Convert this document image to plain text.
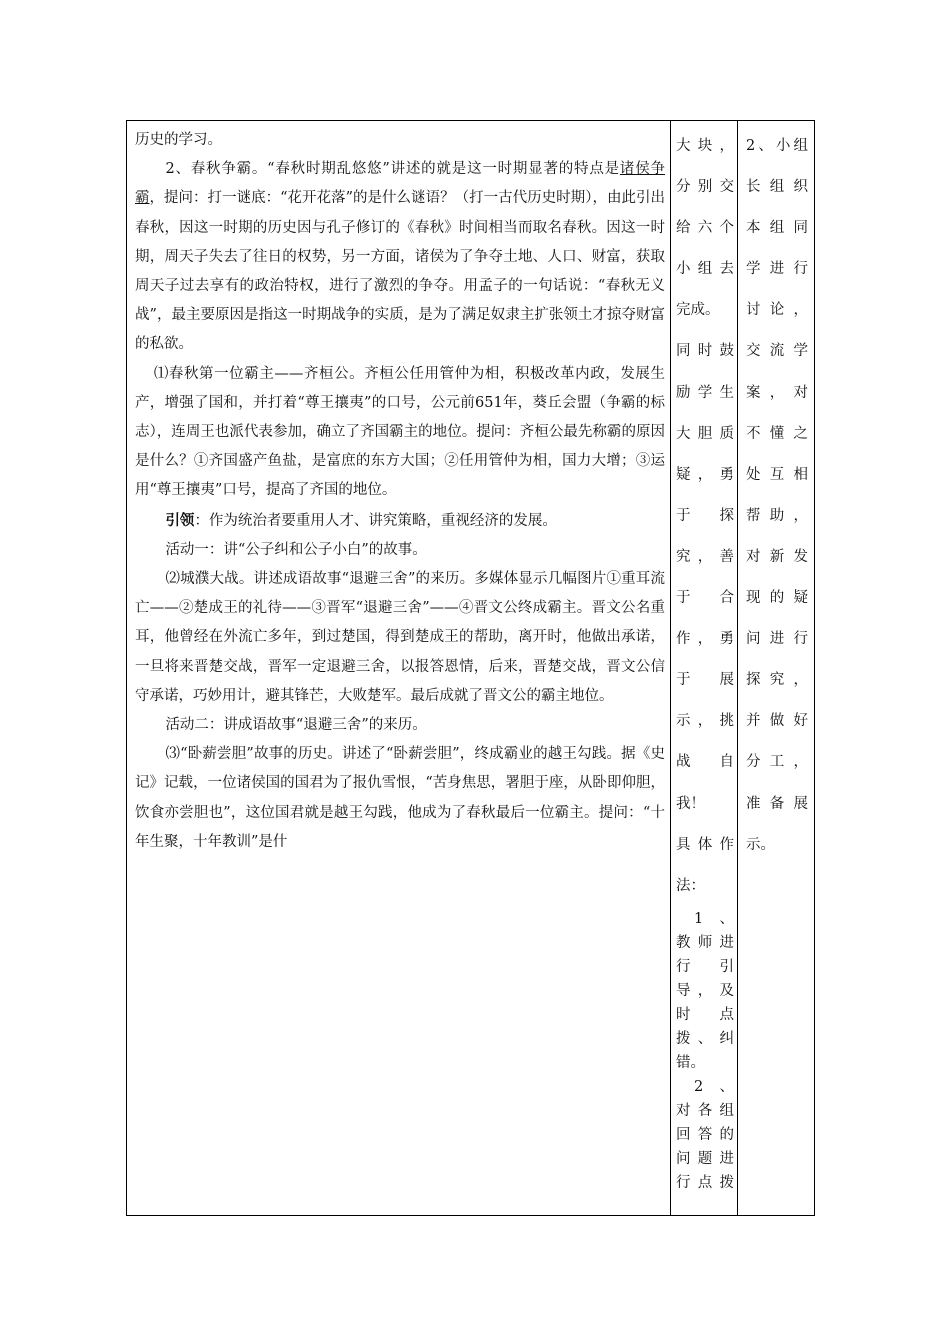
历史的学习。

2、春秋争霸。“春秋时期乱悠悠”讲述的就是这一时期显著的特点是诸侯争霸，提问：打一谜底：“花开花落”的是什么谜语？（打一古代历史时期），由此引出春秋，因这一时期的历史因与孔子修订的《春秋》时间相当而取名春秋。因这一时期，周天子失去了往日的权势，另一方面，诸侯为了争夺土地、人口、财富，获取周天子过去享有的政治特权，进行了激烈的争夺。用孟子的一句话说：“春秋无义战”，最主要原因是指这一时期战争的实质，是为了满足奴隶主扩张领土才掠夺财富的私欲。

⑴春秋第一位霸主——齐桓公。齐桓公任用管仲为相，积极改革内政，发展生产，增强了国和，并打着“尊王攘夷”的口号，公元前651年，葵丘会盟（争霸的标志），连周王也派代表参加，确立了齐国霸主的地位。提问：齐桓公最先称霸的原因是什么？①齐国盛产鱼盐，是富庶的东方大国；②任用管仲为相，国力大增；③运用“尊王攘夷”口号，提高了齐国的地位。

引领：作为统治者要重用人才、讲究策略，重视经济的发展。

活动一：讲“公子纠和公子小白”的故事。

⑵城濮大战。讲述成语故事“退避三舍”的来历。多媒体显示几幅图片①重耳流亡——②楚成王的礼待——③晋军“退避三舍”——④晋文公终成霸主。晋文公名重耳，他曾经在外流亡多年，到过楚国，得到楚成王的帮助，离开时，他做出承诺，一旦将来晋楚交战，晋军一定退避三舍，以报答恩情，后来，晋楚交战，晋文公信守承诺，巧妙用计，避其锋芒，大败楚军。最后成就了晋文公的霸主地位。

活动二：讲成语故事“退避三舍”的来历。

⑶“卧薪尝胆”故事的历史。讲述了“卧薪尝胆”，终成霸业的越王勾践。据《史记》记载，一位诸侯国的国君为了报仇雪恨，“苦身焦思，署胆于座，从卧即仰胆，饮食亦尝胆也”，这位国君就是越王勾践，他成为了春秋最后一位霸主。提问：“十年生聚，十年教训”是什

大块，
分别交
给六个
小组去
完成。
同时鼓
励学生
大胆质
疑，勇
于　探
究，善
于　合
作，勇
于　展
示，挑
战　自
我！
具体作
法：
1　、
教师进
行　引
导，及
时　点
拨、纠
错。
2　、
对各组
回答的
问题进
行点拨
2、小组
长组织
本组同
学进行
讨论，
交流学
案，对
不懂之
处互相
帮助，
对新发
现的疑
问进行
探究，
并做好
分工，
准备展
示。
